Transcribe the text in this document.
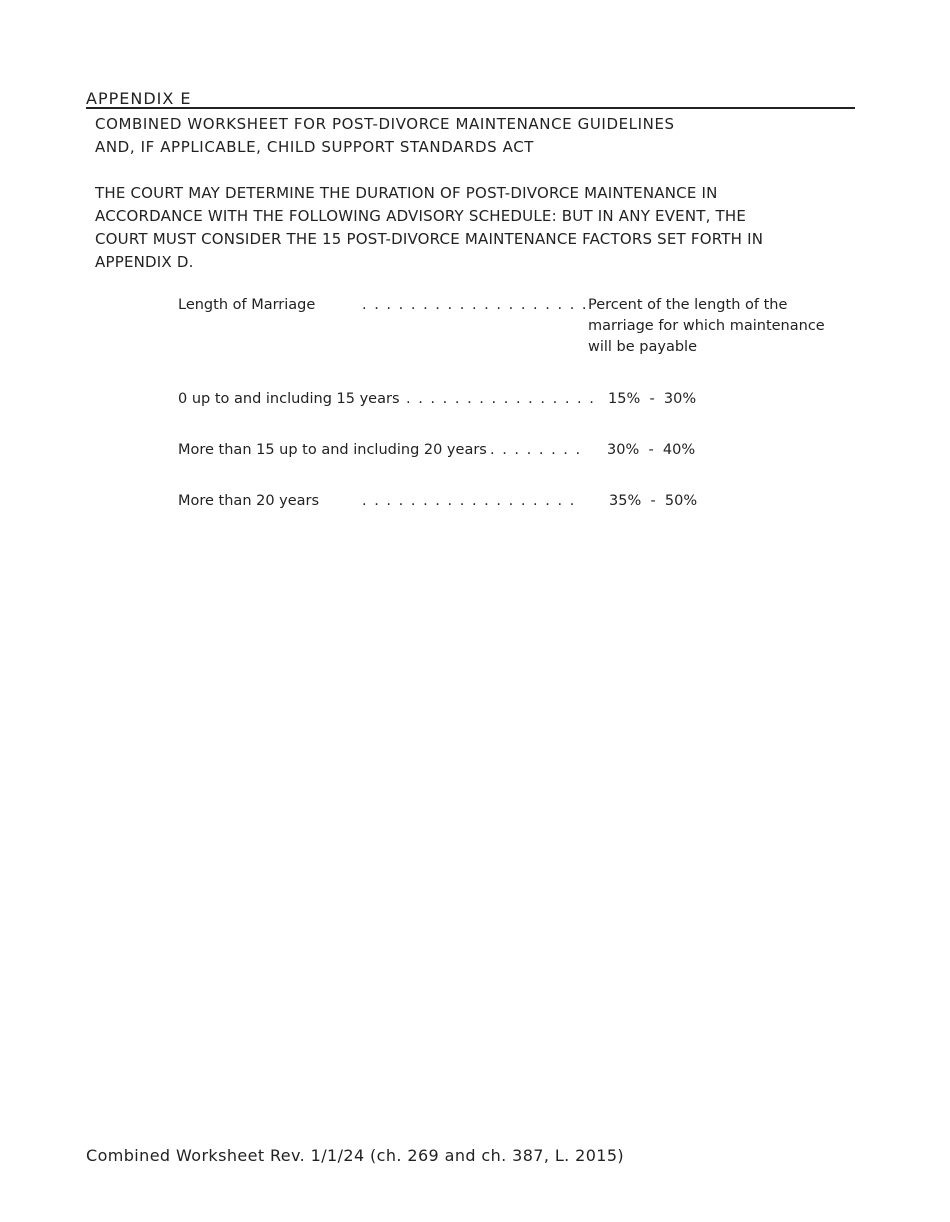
APPENDIX E
COMBINED WORKSHEET FOR POST-DIVORCE MAINTENANCE GUIDELINES
AND, IF APPLICABLE, CHILD SUPPORT STANDARDS ACT
THE COURT MAY DETERMINE THE DURATION OF POST-DIVORCE MAINTENANCE IN
ACCORDANCE WITH THE FOLLOWING ADVISORY SCHEDULE: BUT IN ANY EVENT, THE
COURT MUST CONSIDER THE 15 POST-DIVORCE MAINTENANCE FACTORS SET FORTH IN
APPENDIX D.
Length of Marriage	. . . . . . . . . . . . . . . . . . . Percent of the length of the
marriage for which maintenance
will be payable
0 up to and including 15 years . . . . . . . . . . . . . . . . 15%  -  30%
More than 15 up to and including 20 years . . . . . . . . 30%  -  40%
More than 20 years	. . . . . . . . . . . . . . . . . . 35%  -  50%
Combined Worksheet Rev. 1/1/24 (ch. 269 and ch. 387, L. 2015)
